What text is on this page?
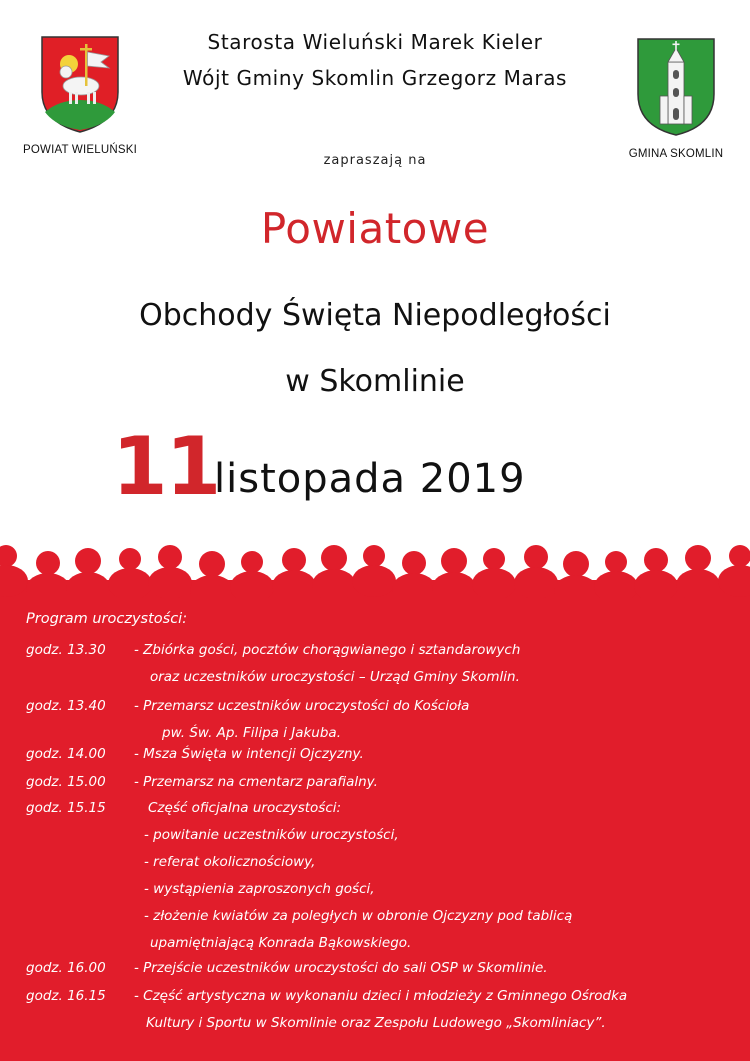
POWIAT WIELUŃSKI	GMINA SKOMLIN
Starosta Wieluński Marek Kieler
Wójt Gminy Skomlin Grzegorz Maras
zapraszają na
Powiatowe
Obchody Święta Niepodległości
w Skomlinie
11
listopada 2019
Program uroczystości:
godz. 13.30 - Zbiórka gości, pocztów chorągwianego i sztandarowych
oraz uczestników uroczystości – Urząd Gminy Skomlin.
godz. 13.40 - Przemarsz uczestników uroczystości do Kościoła
pw. Św. Ap. Filipa i Jakuba.
godz. 14.00 - Msza Święta w intencji Ojczyzny.
godz. 15.00 - Przemarsz na cmentarz parafialny.
godz. 15.15	Część oficjalna uroczystości:
- powitanie uczestników uroczystości,
- referat okolicznościowy,
- wystąpienia zaproszonych gości,
- złożenie kwiatów za poległych w obronie Ojczyzny pod tablicą
upamiętniającą Konrada Bąkowskiego.
godz. 16.00 - Przejście uczestników uroczystości do sali OSP w Skomlinie.
godz. 16.15 - Część artystyczna w wykonaniu dzieci i młodzieży z Gminnego Ośrodka
Kultury i Sportu w Skomlinie oraz Zespołu Ludowego „Skomliniacy”.
